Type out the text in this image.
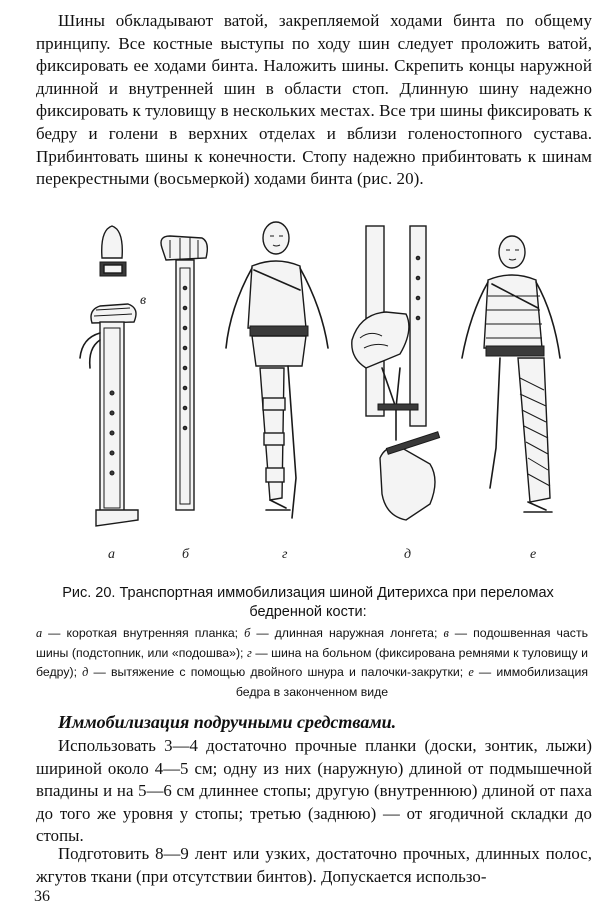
Шины обкладывают ватой, закрепляемой ходами бинта по общему принципу. Все костные выступы по ходу шин следует проложить ватой, фиксировать ее ходами бинта. Наложить шины. Скрепить концы наружной длинной и внутренней шин в области стоп. Длинную шину надежно фиксировать к туловищу в нескольких местах. Все три шины фиксировать к бедру и голени в верхних отделах и вблизи голеностопного сустава. Прибинтовать шины к конечности. Стопу надежно прибинтовать к шинам перекрестными (восьмеркой) ходами бинта (рис. 20).

а	б
в
г	д	е

Рис. 20. Транспортная иммобилизация шиной Дитерихса при переломах бедренной кости:

а — короткая внутренняя планка; б — длинная наружная лонгета; в — подошвенная часть шины (подстопник, или «подошва»); г — шина на больном (фиксирована ремнями к туловищу и бедру); д — вытяжение с помощью двойного шнура и палочки-закрутки; е — иммобилизация бедра в законченном виде

Иммобилизация подручными средствами.

Использовать 3—4 достаточно прочные планки (доски, зонтик, лыжи) шириной около 4—5 см; одну из них (наружную) длиной от подмышечной впадины и на 5—6 см длиннее стопы; другую (внутреннюю) длиной от паха до того же уровня у стопы; третью (заднюю) — от ягодичной складки до стопы.

Подготовить 8—9 лент или узких, достаточно прочных, длинных полос, жгутов ткани (при отсутствии бинтов). Допускается использо-

36
